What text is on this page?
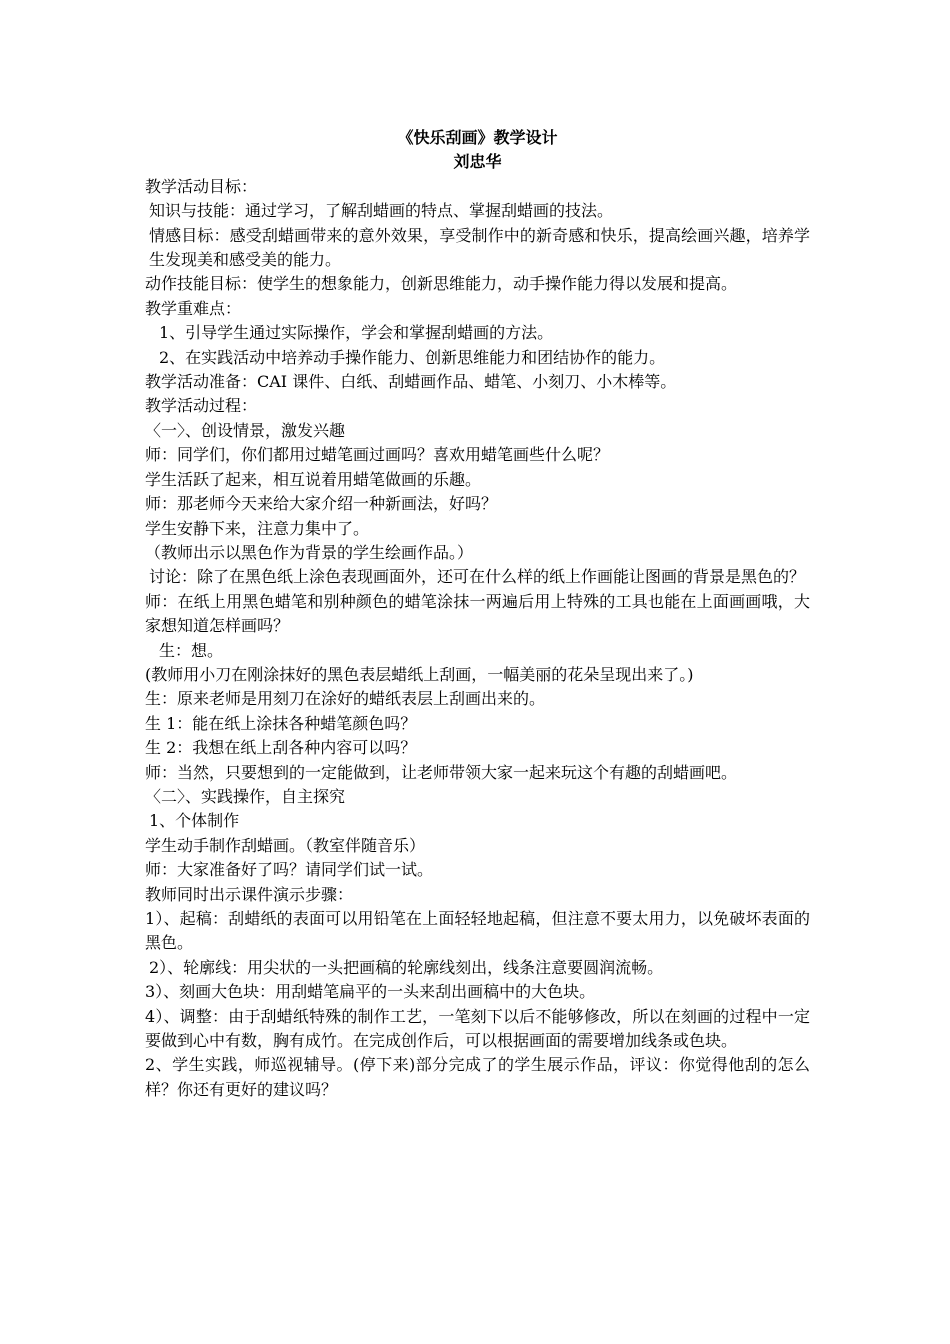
《快乐刮画》教学设计

刘忠华

教学活动目标：

知识与技能：通过学习，了解刮蜡画的特点、掌握刮蜡画的技法。

情感目标：感受刮蜡画带来的意外效果，享受制作中的新奇感和快乐，提高绘画兴趣，培养学生发现美和感受美的能力。

动作技能目标：使学生的想象能力，创新思维能力，动手操作能力得以发展和提高。

教学重难点：

1、引导学生通过实际操作，学会和掌握刮蜡画的方法。

2、在实践活动中培养动手操作能力、创新思维能力和团结协作的能力。

教学活动准备：CAI 课件、白纸、刮蜡画作品、蜡笔、小刻刀、小木棒等。

教学活动过程：

〈一〉、创设情景，激发兴趣

师：同学们，你们都用过蜡笔画过画吗？喜欢用蜡笔画些什么呢？

学生活跃了起来，相互说着用蜡笔做画的乐趣。

师：那老师今天来给大家介绍一种新画法，好吗？

学生安静下来，注意力集中了。

（教师出示以黑色作为背景的学生绘画作品。）

讨论：除了在黑色纸上涂色表现画面外，还可在什么样的纸上作画能让图画的背景是黑色的？

师：在纸上用黑色蜡笔和别种颜色的蜡笔涂抹一两遍后用上特殊的工具也能在上面画画哦，大家想知道怎样画吗？

生：想。

(教师用小刀在刚涂抹好的黑色表层蜡纸上刮画，一幅美丽的花朵呈现出来了。)

生：原来老师是用刻刀在涂好的蜡纸表层上刮画出来的。

生 1：能在纸上涂抹各种蜡笔颜色吗？

生 2：我想在纸上刮各种内容可以吗？

师：当然，只要想到的一定能做到，让老师带领大家一起来玩这个有趣的刮蜡画吧。

〈二〉、实践操作，自主探究

1、个体制作

学生动手制作刮蜡画。（教室伴随音乐）

师：大家准备好了吗？请同学们试一试。

教师同时出示课件演示步骤：

1）、起稿：刮蜡纸的表面可以用铅笔在上面轻轻地起稿，但注意不要太用力，以免破坏表面的黑色。

2）、轮廓线：用尖状的一头把画稿的轮廓线刻出，线条注意要圆润流畅。

3）、刻画大色块：用刮蜡笔扁平的一头来刮出画稿中的大色块。

4）、调整：由于刮蜡纸特殊的制作工艺，一笔刻下以后不能够修改，所以在刻画的过程中一定要做到心中有数，胸有成竹。在完成创作后，可以根据画面的需要增加线条或色块。

2、学生实践，师巡视辅导。(停下来)部分完成了的学生展示作品，评议：你觉得他刮的怎么样？你还有更好的建议吗？
